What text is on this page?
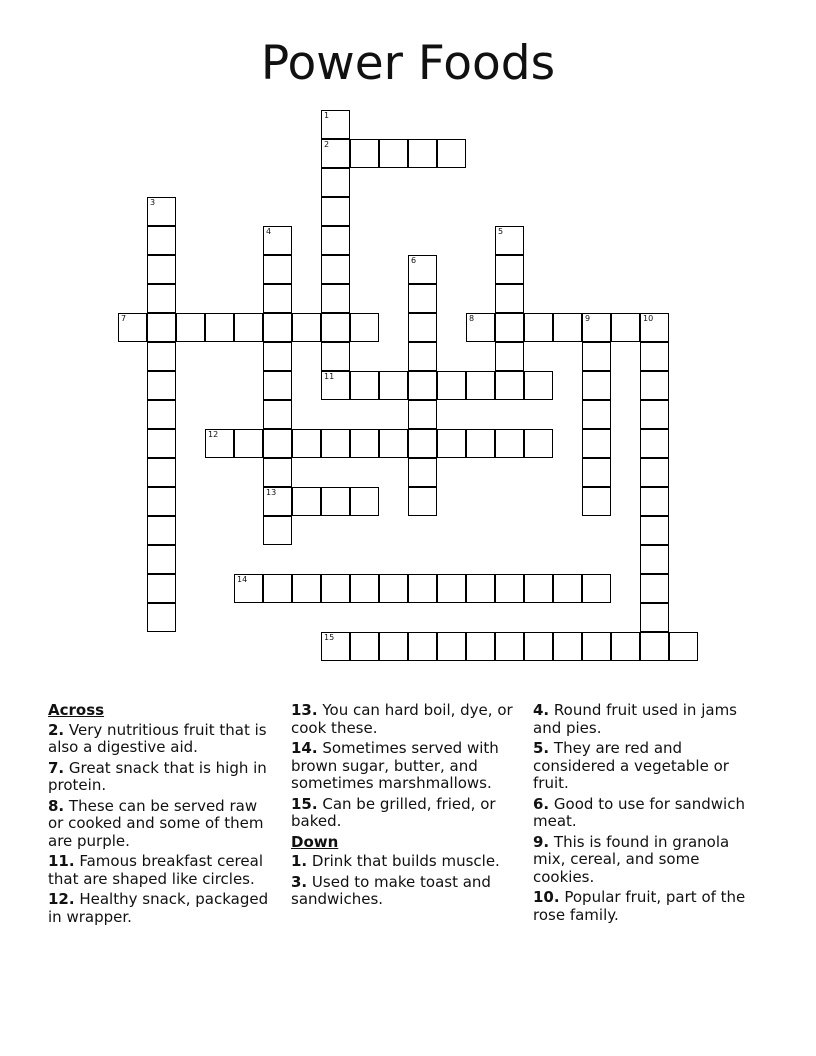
Power Foods
1
2
11
3
4
13
5
6
7	8	9	10
12
14
15
Across
2. Very nutritious fruit that is also a digestive aid.
7. Great snack that is high in protein.
8. These can be served raw or cooked and some of them are purple.
11. Famous breakfast cereal that are shaped like circles.
12. Healthy snack, packaged in wrapper.
13. You can hard boil, dye, or cook these.
14. Sometimes served with brown sugar, butter, and sometimes marshmallows.
15. Can be grilled, fried, or baked.
Down
1. Drink that builds muscle.
3. Used to make toast and sandwiches.
4. Round fruit used in jams and pies.
5. They are red and considered a vegetable or fruit.
6. Good to use for sandwich meat.
9. This is found in granola mix, cereal, and some cookies.
10. Popular fruit, part of the rose family.
